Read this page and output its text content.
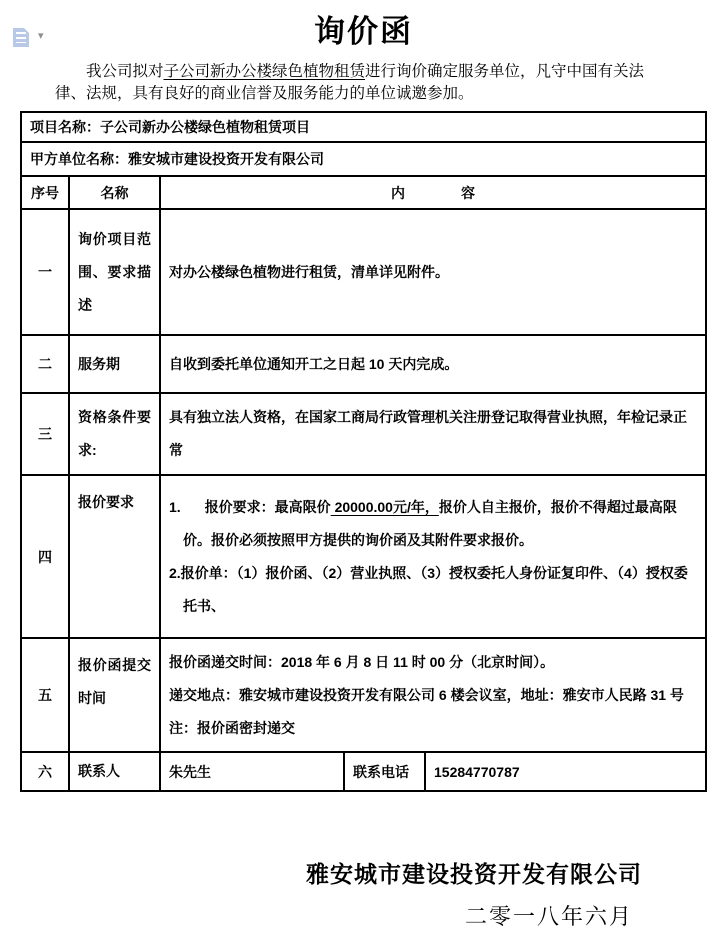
▾	询价函

我公司拟对子公司新办公楼绿色植物租赁进行询价确定服务单位，凡守中国有关法律、法规，具有良好的商业信誉及服务能力的单位诚邀参加。

项目名称：子公司新办公楼绿色植物租赁项目				
甲方单位名称：雅安城市建设投资开发有限公司				
序号	名称	内　　　　容		
一	询价项目范围、要求描述	对办公楼绿色植物进行租赁，清单详见附件。		
二	服务期	自收到委托单位通知开工之日起 10 天内完成。		
三	资格条件要求:	具有独立法人资格，在国家工商局行政管理机关注册登记取得营业执照，年检记录正常		
四	报价要求	1. 报价要求：最高限价 20000.00元/年，报价人自主报价，报价不得超过最高限价。报价必须按照甲方提供的询价函及其附件要求报价。

2.报价单：（1）报价函、（2）营业执照、（3）授权委托人身份证复印件、（4）授权委托书、		

五	报价函提交时间	报价函递交时间：2018 年 6 月 8 日 11 时 00 分（北京时间）。

递交地点：雅安城市建设投资开发有限公司 6 楼会议室，地址：雅安市人民路 31 号

注：报价函密封递交		

六	联系人	朱先生	联系电话	15284770787
雅安城市建设投资开发有限公司
二零一八年六月
